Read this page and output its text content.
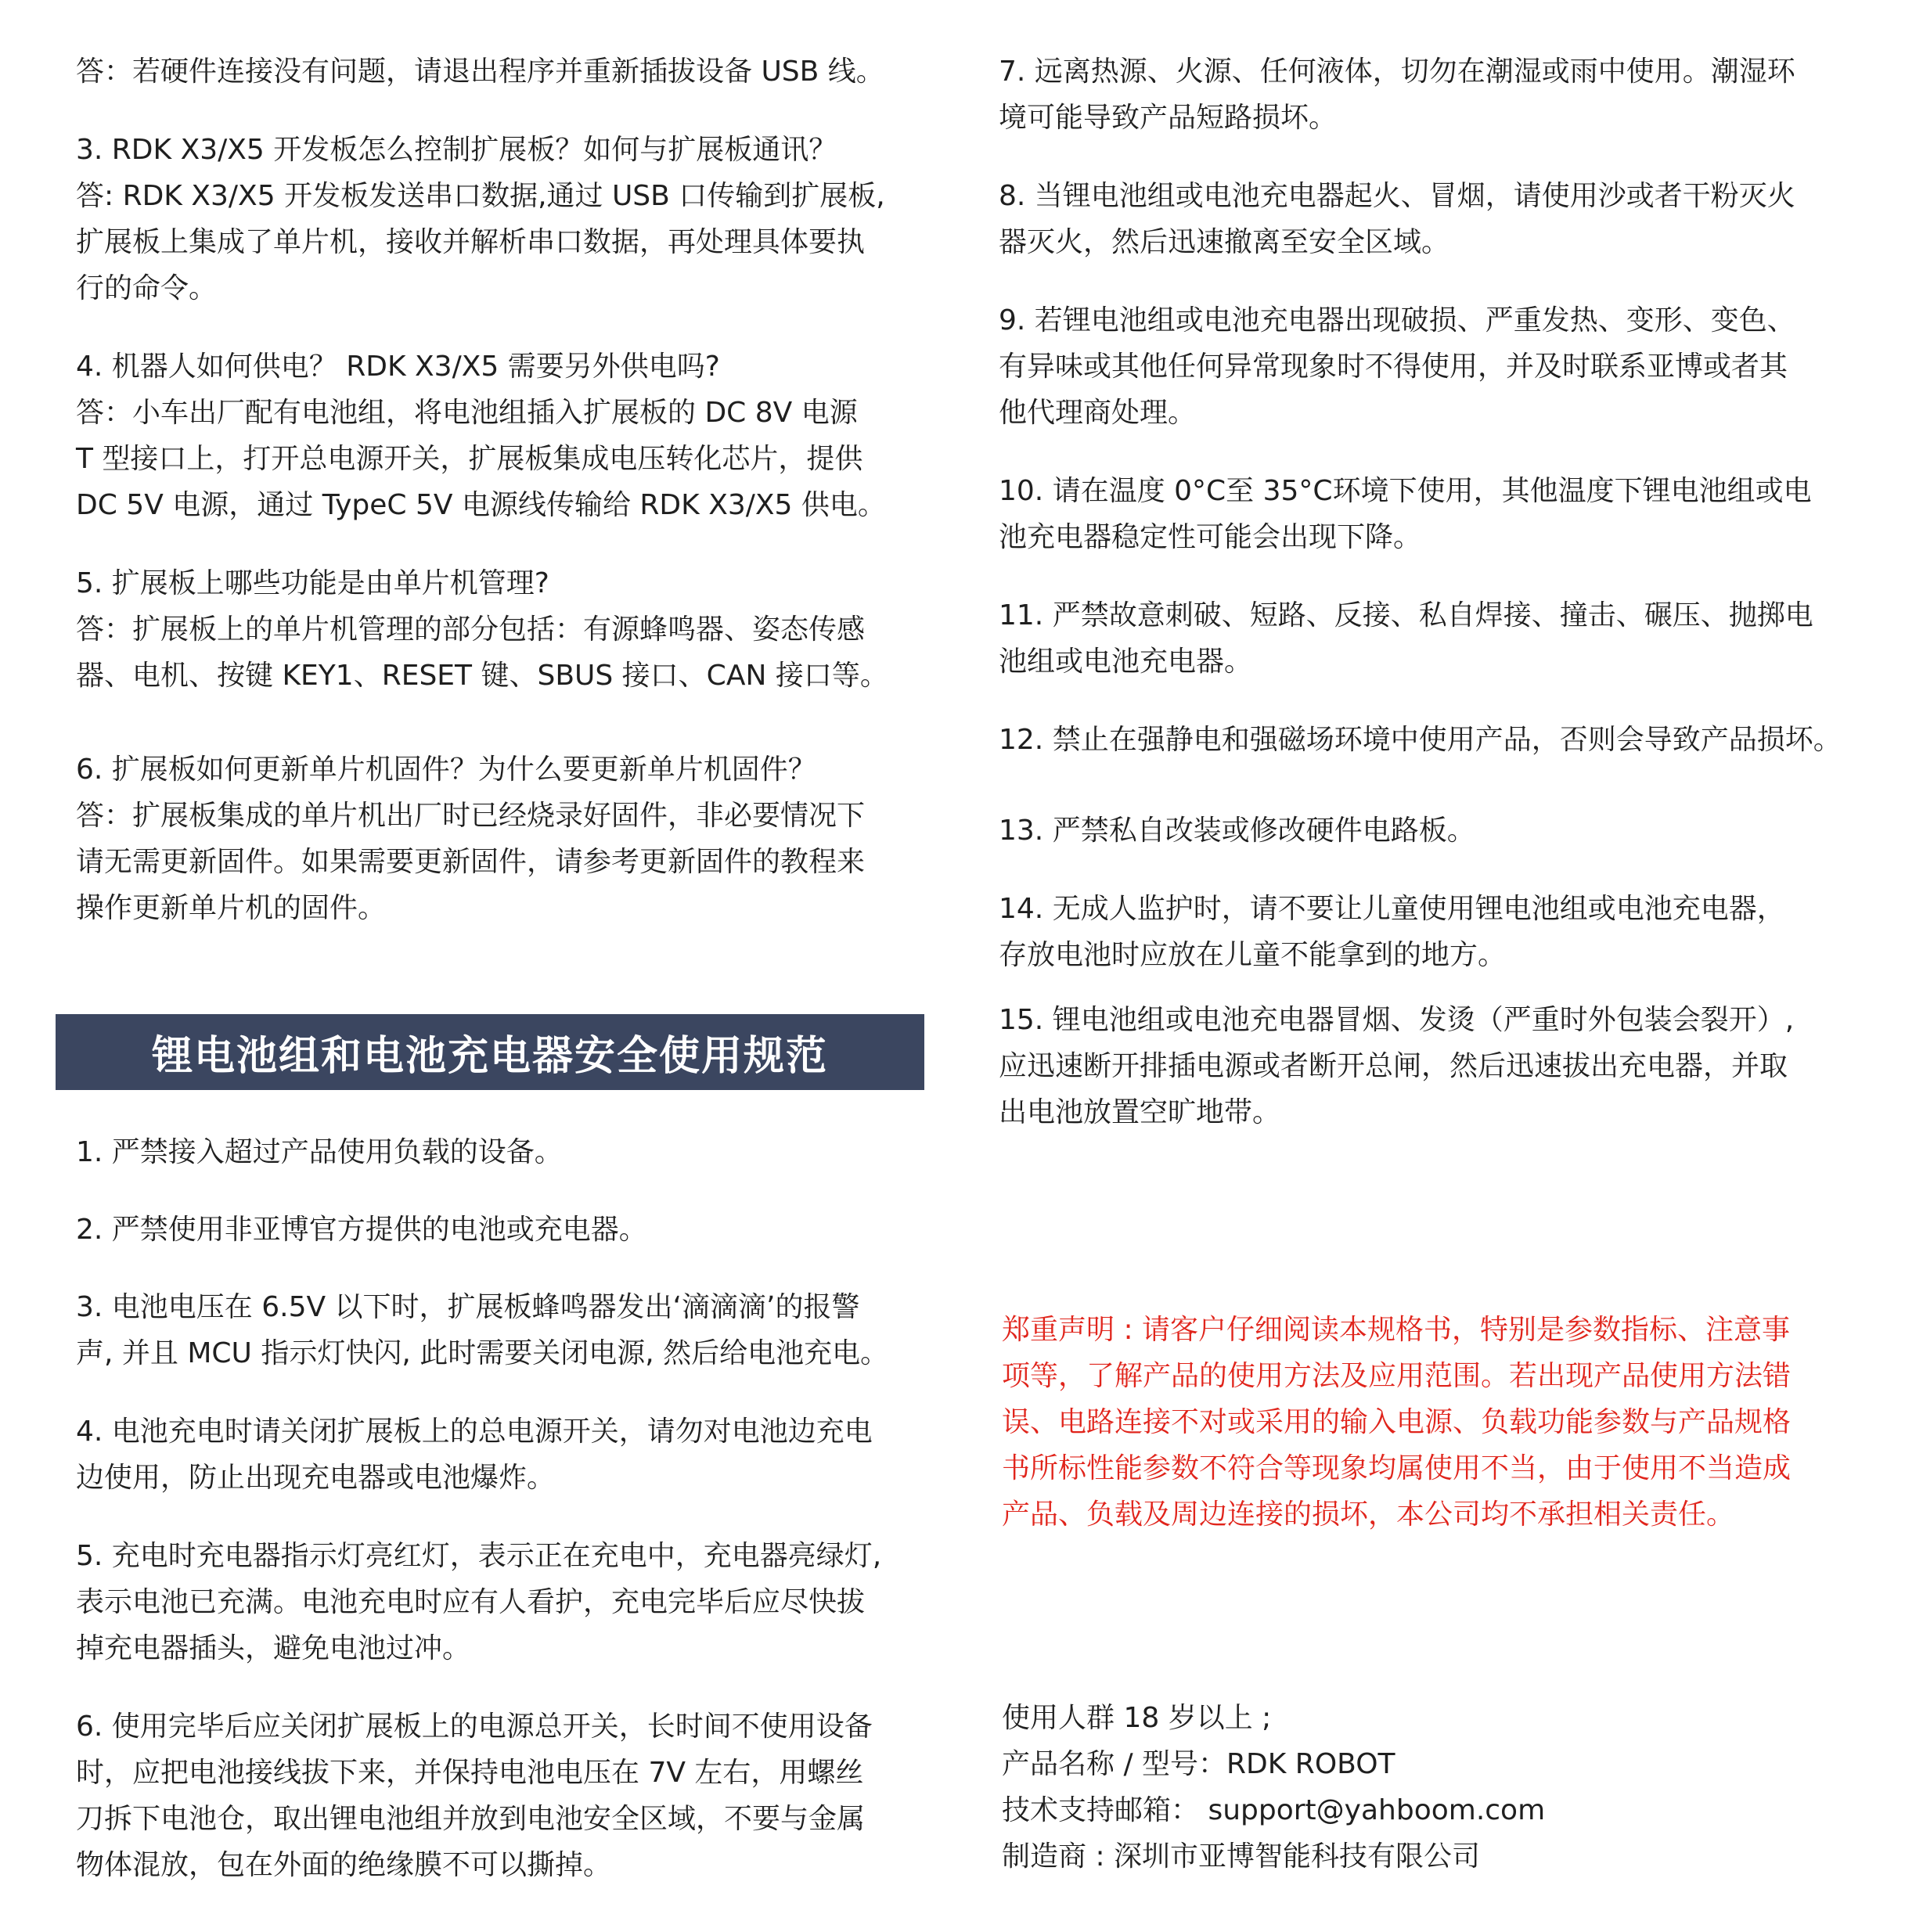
答：若硬件连接没有问题，请退出程序并重新插拔设备 USB 线。

3. RDK X3/X5 开发板怎么控制扩展板？如何与扩展板通讯？

答: RDK X3/X5 开发板发送串口数据,通过 USB 口传输到扩展板,
扩展板上集成了单片机，接收并解析串口数据，再处理具体要执
行的命令。

4. 机器人如何供电？ RDK X3/X5 需要另外供电吗?

答：小车出厂配有电池组，将电池组插入扩展板的 DC 8V 电源
T 型接口上，打开总电源开关，扩展板集成电压转化芯片，提供
DC 5V 电源，通过 TypeC 5V 电源线传输给 RDK X3/X5 供电。

5. 扩展板上哪些功能是由单片机管理?

答：扩展板上的单片机管理的部分包括：有源蜂鸣器、姿态传感
器、电机、按键 KEY1、RESET 键、SBUS 接口、CAN 接口等。

6. 扩展板如何更新单片机固件？为什么要更新单片机固件？

答：扩展板集成的单片机出厂时已经烧录好固件，非必要情况下
请无需更新固件。如果需要更新固件，请参考更新固件的教程来
操作更新单片机的固件。

锂电池组和电池充电器安全使用规范

1. 严禁接入超过产品使用负载的设备。

2. 严禁使用非亚博官方提供的电池或充电器。

3. 电池电压在 6.5V 以下时，扩展板蜂鸣器发出‘滴滴滴’的报警
声, 并且 MCU 指示灯快闪, 此时需要关闭电源, 然后给电池充电。

4. 电池充电时请关闭扩展板上的总电源开关，请勿对电池边充电
边使用，防止出现充电器或电池爆炸。

5. 充电时充电器指示灯亮红灯，表示正在充电中，充电器亮绿灯,
表示电池已充满。电池充电时应有人看护，充电完毕后应尽快拔
掉充电器插头，避免电池过冲。

6. 使用完毕后应关闭扩展板上的电源总开关，长时间不使用设备
时，应把电池接线拔下来，并保持电池电压在 7V 左右，用螺丝
刀拆下电池仓，取出锂电池组并放到电池安全区域，不要与金属
物体混放，包在外面的绝缘膜不可以撕掉。

7. 远离热源、火源、任何液体，切勿在潮湿或雨中使用。潮湿环
境可能导致产品短路损坏。

8. 当锂电池组或电池充电器起火、冒烟，请使用沙或者干粉灭火
器灭火，然后迅速撤离至安全区域。

9. 若锂电池组或电池充电器出现破损、严重发热、变形、变色、
有异味或其他任何异常现象时不得使用，并及时联系亚博或者其
他代理商处理。

10. 请在温度 0°C至 35°C环境下使用，其他温度下锂电池组或电
池充电器稳定性可能会出现下降。

11. 严禁故意刺破、短路、反接、私自焊接、撞击、碾压、抛掷电
池组或电池充电器。

12. 禁止在强静电和强磁场环境中使用产品，否则会导致产品损坏。

13. 严禁私自改装或修改硬件电路板。

14. 无成人监护时，请不要让儿童使用锂电池组或电池充电器，
存放电池时应放在儿童不能拿到的地方。

15. 锂电池组或电池充电器冒烟、发烫（严重时外包装会裂开）,
应迅速断开排插电源或者断开总闸，然后迅速拔出充电器，并取
出电池放置空旷地带。

郑重声明 : 请客户仔细阅读本规格书，特别是参数指标、注意事
项等，了解产品的使用方法及应用范围。若出现产品使用方法错
误、电路连接不对或采用的输入电源、负载功能参数与产品规格
书所标性能参数不符合等现象均属使用不当，由于使用不当造成
产品、负载及周边连接的损坏，本公司均不承担相关责任。

使用人群 18 岁以上 ;

产品名称 / 型号：RDK ROBOT

技术支持邮箱： support@yahboom.com

制造商 : 深圳市亚博智能科技有限公司
